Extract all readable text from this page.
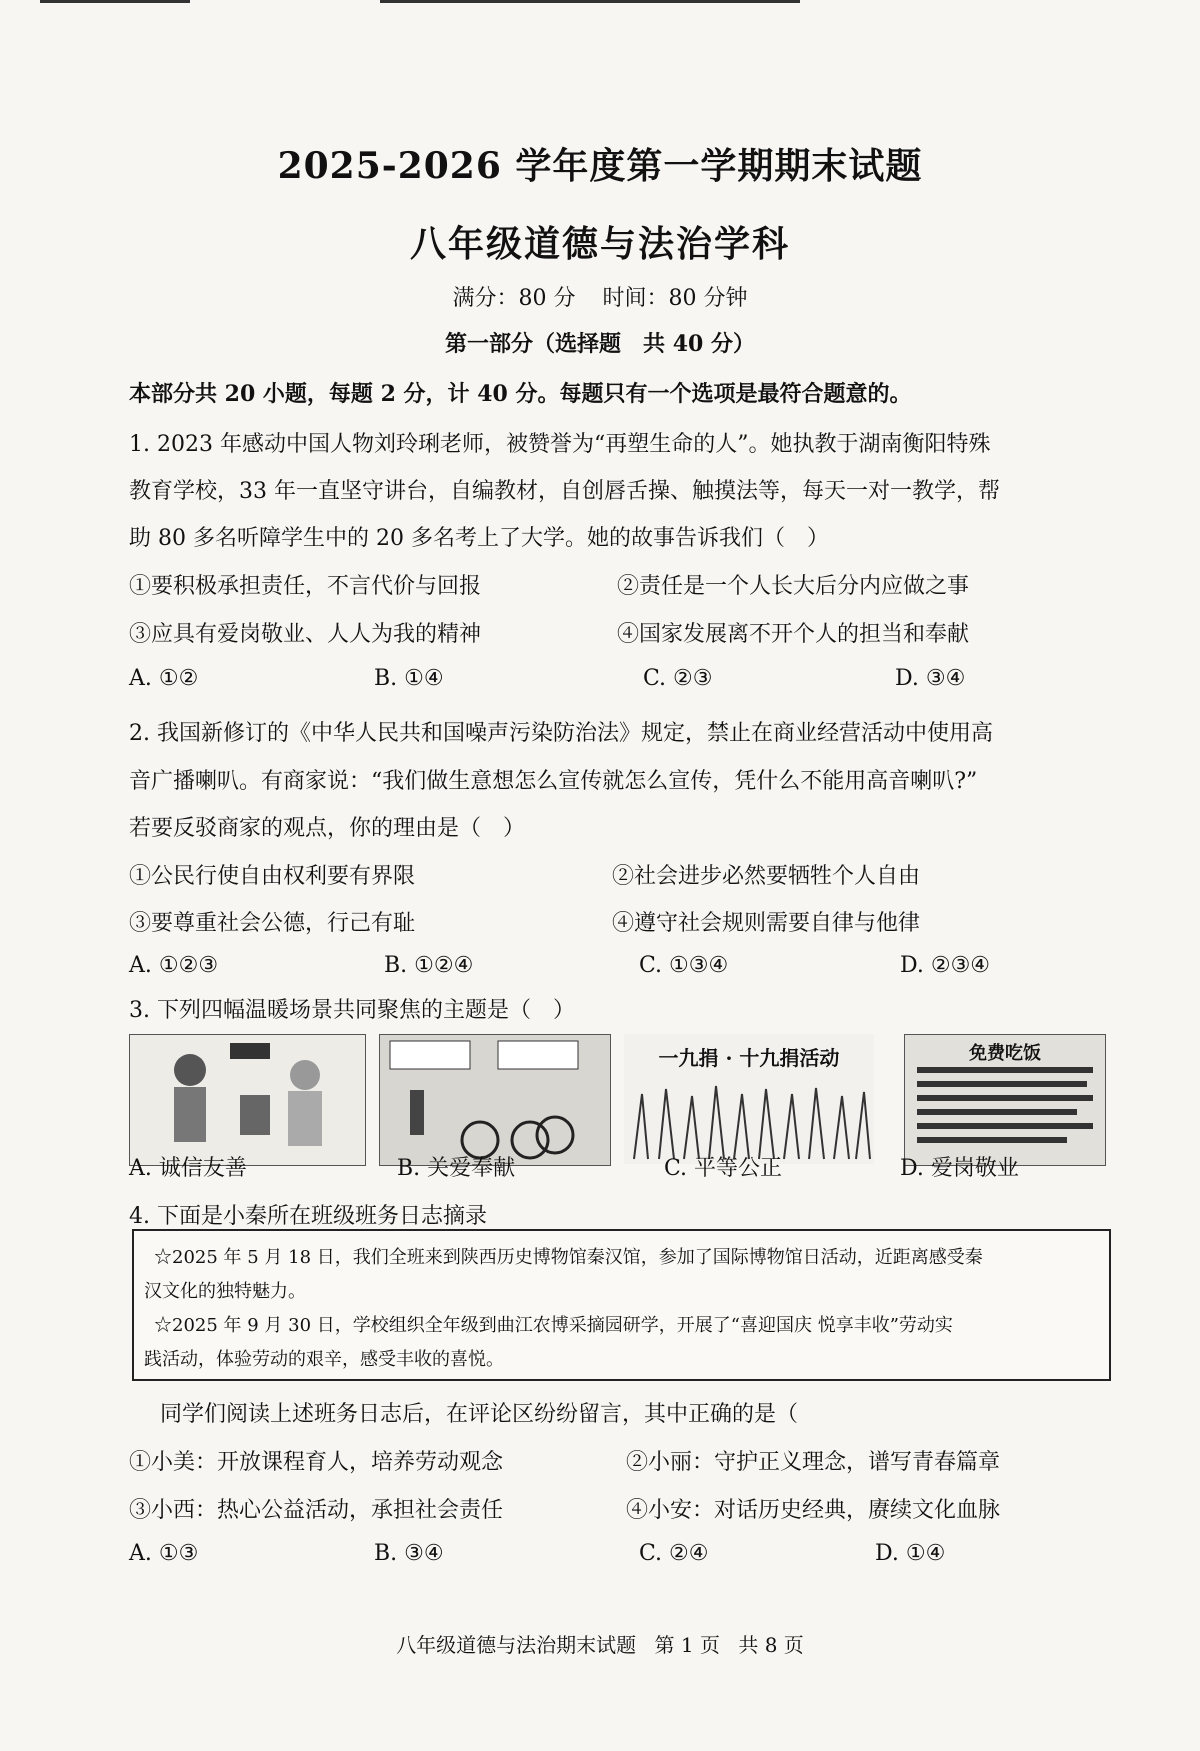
2025-2026 学年度第一学期期末试题
八年级道德与法治学科
满分：80 分 时间：80 分钟
第一部分（选择题　共 40 分）
本部分共 20 小题，每题 2 分，计 40 分。每题只有一个选项是最符合题意的。
1. 2023 年感动中国人物刘玲琍老师，被赞誉为“再塑生命的人”。她执教于湖南衡阳特殊
教育学校，33 年一直坚守讲台，自编教材，自创唇舌操、触摸法等，每天一对一教学，帮
助 80 多名听障学生中的 20 多名考上了大学。她的故事告诉我们（　）
①要积极承担责任，不言代价与回报	②责任是一个人长大后分内应做之事
③应具有爱岗敬业、人人为我的精神	④国家发展离不开个人的担当和奉献
A. ①②	B. ①④	C. ②③	D. ③④
2. 我国新修订的《中华人民共和国噪声污染防治法》规定，禁止在商业经营活动中使用高
音广播喇叭。有商家说：“我们做生意想怎么宣传就怎么宣传，凭什么不能用高音喇叭?”
若要反驳商家的观点，你的理由是（　）
①公民行使自由权利要有界限	②社会进步必然要牺牲个人自由
③要尊重社会公德，行己有耻	④遵守社会规则需要自律与他律
A. ①②③	B. ①②④	C. ①③④	D. ②③④
3. 下列四幅温暖场景共同聚焦的主题是（　）
一九捐 · 十九捐活动	免费吃饭
A. 诚信友善	B. 关爱奉献	C. 平等公正	D. 爱岗敬业
4. 下面是小秦所在班级班务日志摘录
☆2025 年 5 月 18 日，我们全班来到陕西历史博物馆秦汉馆，参加了国际博物馆日活动，近距离感受秦
汉文化的独特魅力。
☆2025 年 9 月 30 日，学校组织全年级到曲江农博采摘园研学，开展了“喜迎国庆 悦享丰收”劳动实
践活动，体验劳动的艰辛，感受丰收的喜悦。
同学们阅读上述班务日志后，在评论区纷纷留言，其中正确的是（
①小美：开放课程育人，培养劳动观念	②小丽：守护正义理念，谱写青春篇章
③小西：热心公益活动，承担社会责任	④小安：对话历史经典，赓续文化血脉
A. ①③	B. ③④	C. ②④	D. ①④
八年级道德与法治期末试题 第 1 页 共 8 页
